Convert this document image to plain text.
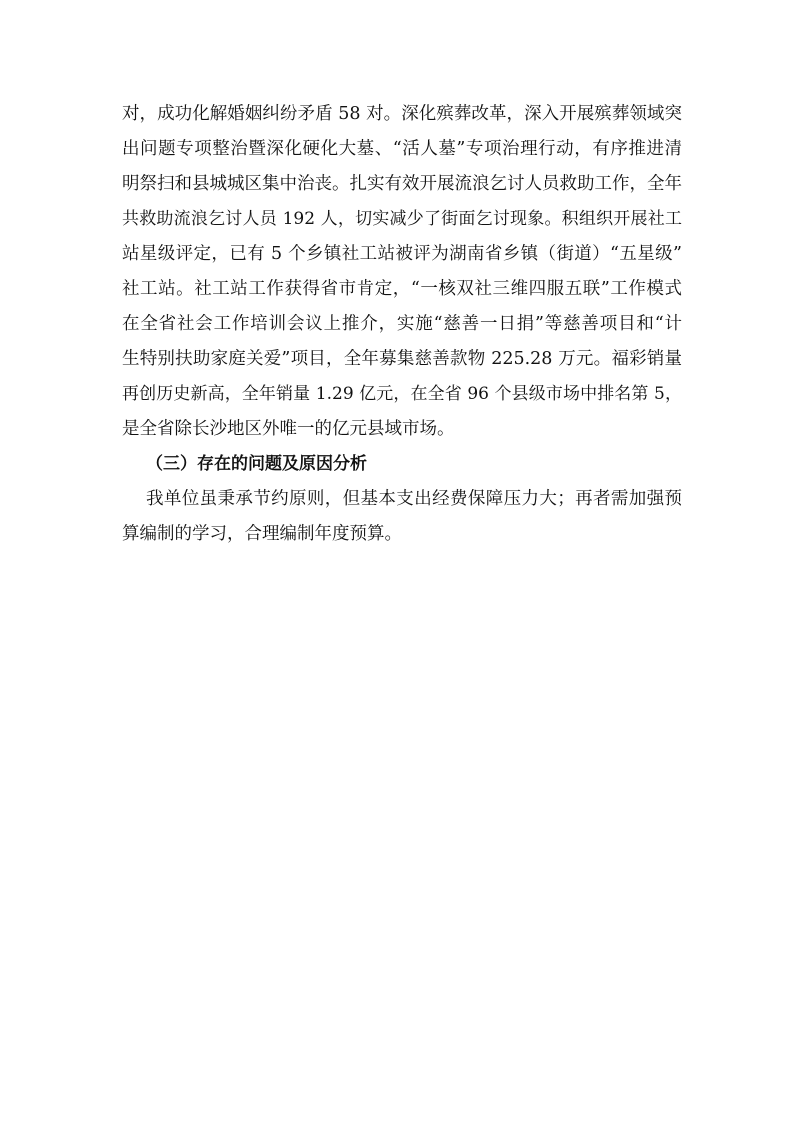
对，成功化解婚姻纠纷矛盾 58 对。深化殡葬改革，深入开展殡葬领域突

出问题专项整治暨深化硬化大墓、“活人墓”专项治理行动，有序推进清

明祭扫和县城城区集中治丧。扎实有效开展流浪乞讨人员救助工作，全年

共救助流浪乞讨人员 192 人，切实减少了街面乞讨现象。积组织开展社工

站星级评定，已有 5 个乡镇社工站被评为湖南省乡镇（街道）“五星级”

社工站。社工站工作获得省市肯定，“一核双社三维四服五联”工作模式

在全省社会工作培训会议上推介，实施“慈善一日捐”等慈善项目和“计

生特别扶助家庭关爱”项目，全年募集慈善款物 225.28 万元。福彩销量

再创历史新高，全年销量 1.29 亿元，在全省 96 个县级市场中排名第 5，

是全省除长沙地区外唯一的亿元县域市场。

（三）存在的问题及原因分析

我单位虽秉承节约原则，但基本支出经费保障压力大；再者需加强预

算编制的学习，合理编制年度预算。
